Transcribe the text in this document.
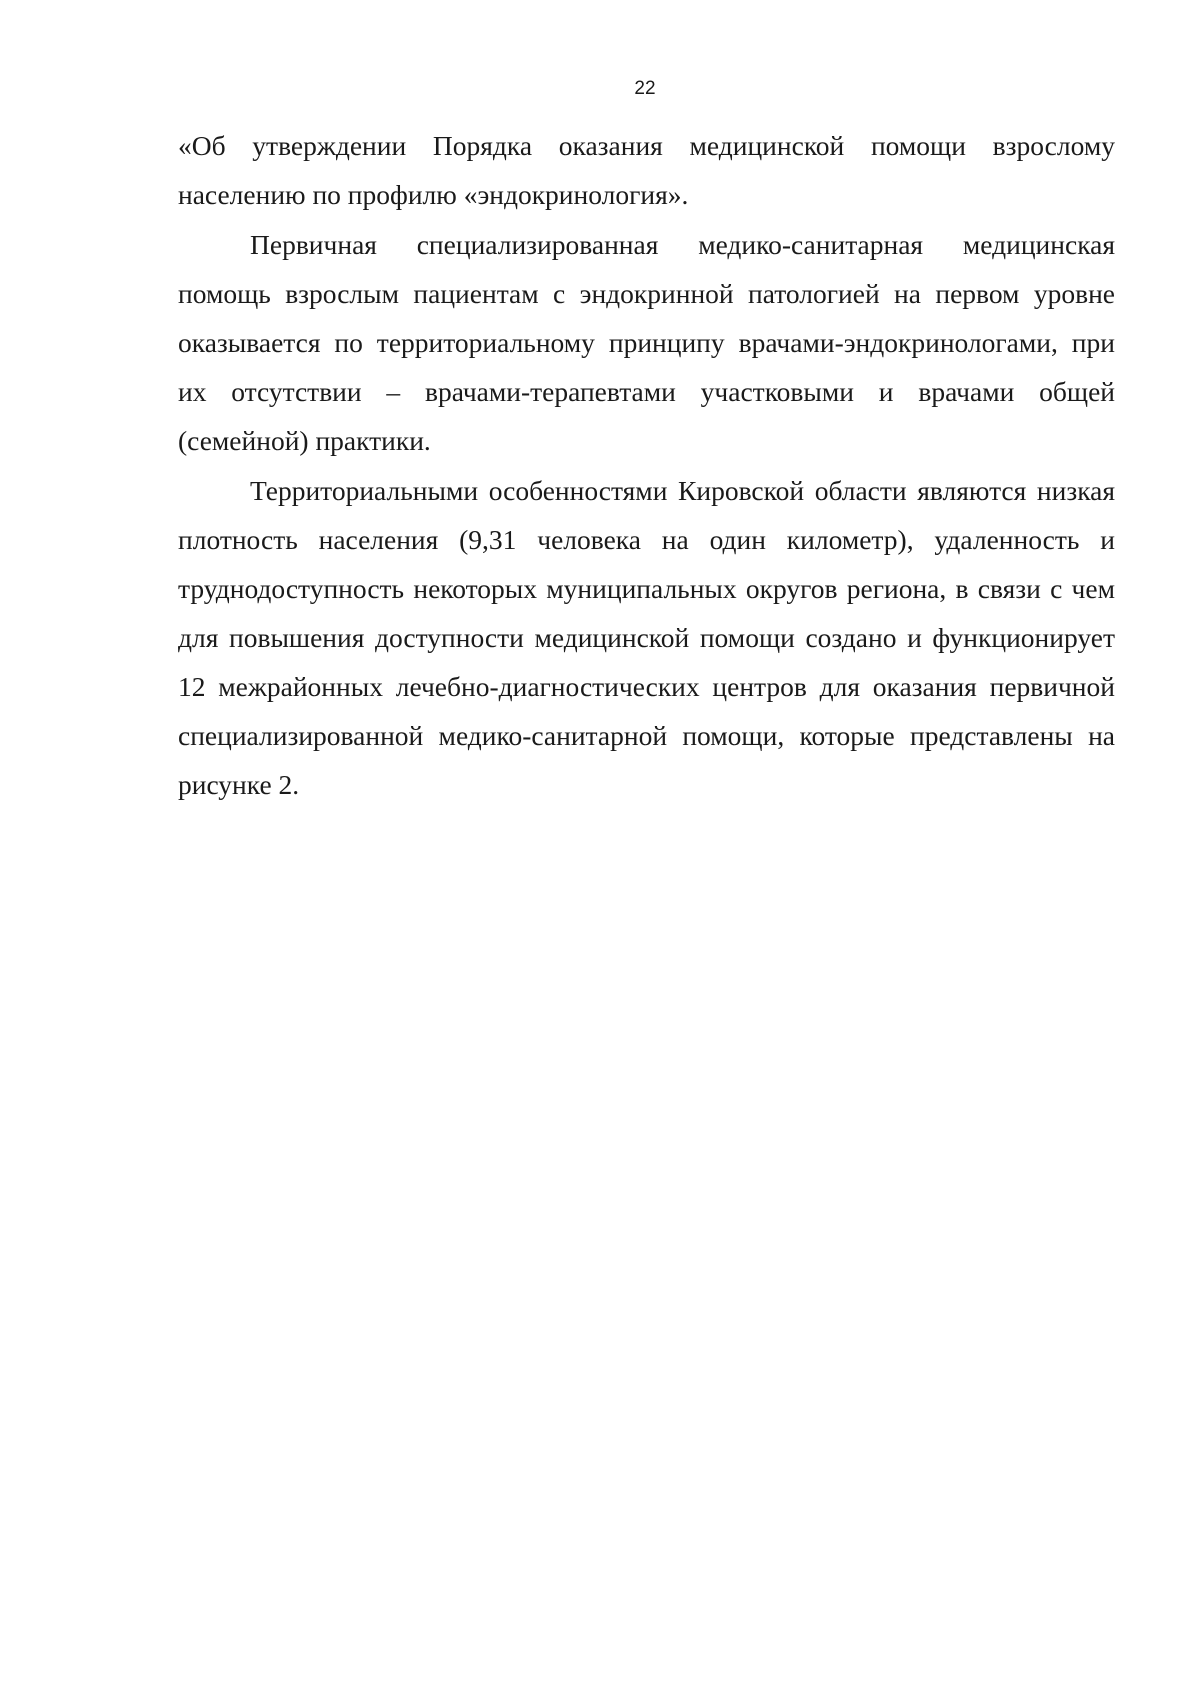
22

«Об утверждении Порядка оказания медицинской помощи взрослому населению по профилю «эндокринология».

Первичная специализированная медико-санитарная медицинская помощь взрослым пациентам с эндокринной патологией на первом уровне оказывается по территориальному принципу врачами-эндокринологами, при их отсутствии – врачами-терапевтами участковыми и врачами общей (семейной) практики.

Территориальными особенностями Кировской области являются низкая плотность населения (9,31 человека на один километр), удаленность и труднодоступность некоторых муниципальных округов региона, в связи с чем для повышения доступности медицинской помощи создано и функционирует 12 межрайонных лечебно-диагностических центров для оказания первичной специализированной медико-санитарной помощи, которые представлены на рисунке 2.
